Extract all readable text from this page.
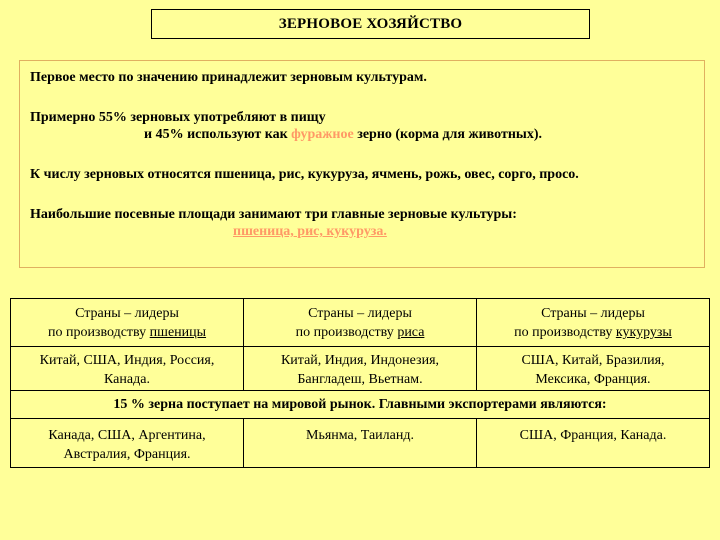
ЗЕРНОВОЕ ХОЗЯЙСТВО

Первое место по значению принадлежит зерновым культурам.

Примерно 55% зерновых употребляют в пищу

и 45% используют как фуражное зерно (корма для животных).

К числу зерновых относятся пшеница, рис, кукуруза, ячмень, рожь, овес, сорго, просо.

Наибольшие посевные площади занимают три главные зерновые культуры:

пшеница, рис, кукуруза.

Страны – лидеры
по производству пшеницы
Страны – лидеры
по производству риса
Страны – лидеры
по производству кукурузы
Китай, США, Индия, Россия,
Канада.
Китай, Индия, Индонезия,
Бангладеш, Вьетнам.
США, Китай, Бразилия,
Мексика, Франция.
15 % зерна поступает на мировой рынок. Главными экспортерами являются:
Канада, США, Аргентина,
Австралия, Франция.
Мьянма, Таиланд.	США, Франция, Канада.
